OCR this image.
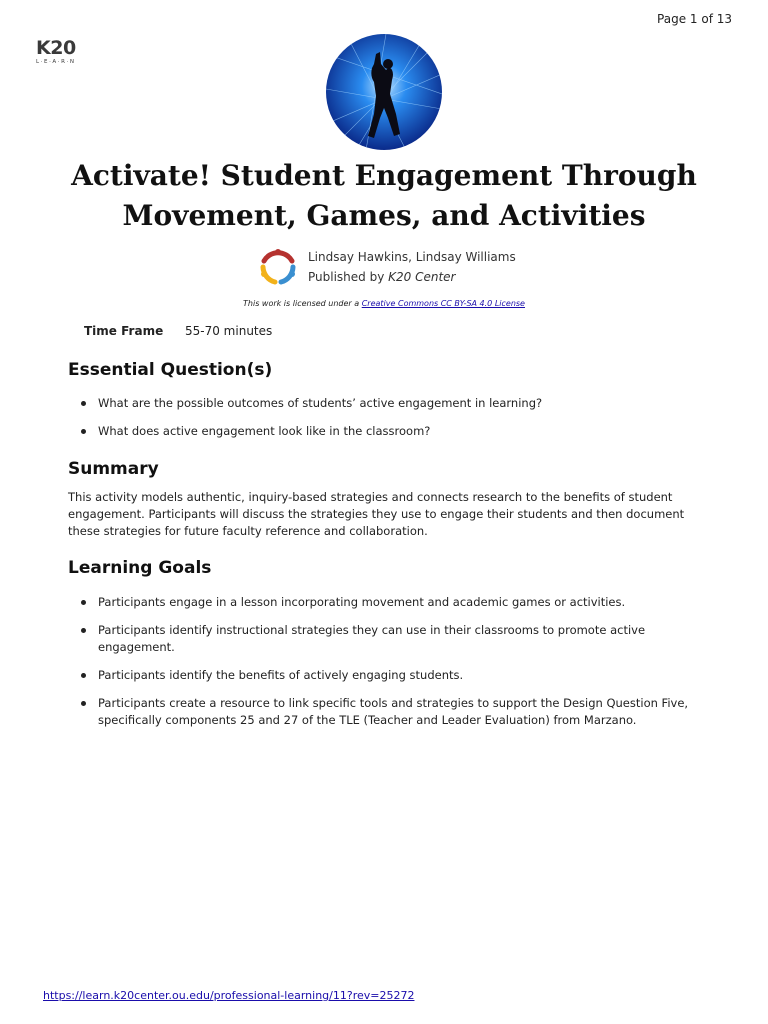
Page 1 of 13
K20
L·E·A·R·N
Activate! Student Engagement Through
Movement, Games, and Activities
Lindsay Hawkins, Lindsay Williams
Published by K20 Center
This work is licensed under a Creative Commons CC BY-SA 4.0 License
Time Frame	55-70 minutes
Essential Question(s)
What are the possible outcomes of students’ active engagement in learning?
What does active engagement look like in the classroom?
Summary

This activity models authentic, inquiry-based strategies and connects research to the benefits of student engagement. Participants will discuss the strategies they use to engage their students and then document these strategies for future faculty reference and collaboration.

Learning Goals
Participants engage in a lesson incorporating movement and academic games or activities.
Participants identify instructional strategies they can use in their classrooms to promote active engagement.
Participants identify the benefits of actively engaging students.
Participants create a resource to link specific tools and strategies to support the Design Question Five, specifically components 25 and 27 of the TLE (Teacher and Leader Evaluation) from Marzano.
https://learn.k20center.ou.edu/professional-learning/11?rev=25272
